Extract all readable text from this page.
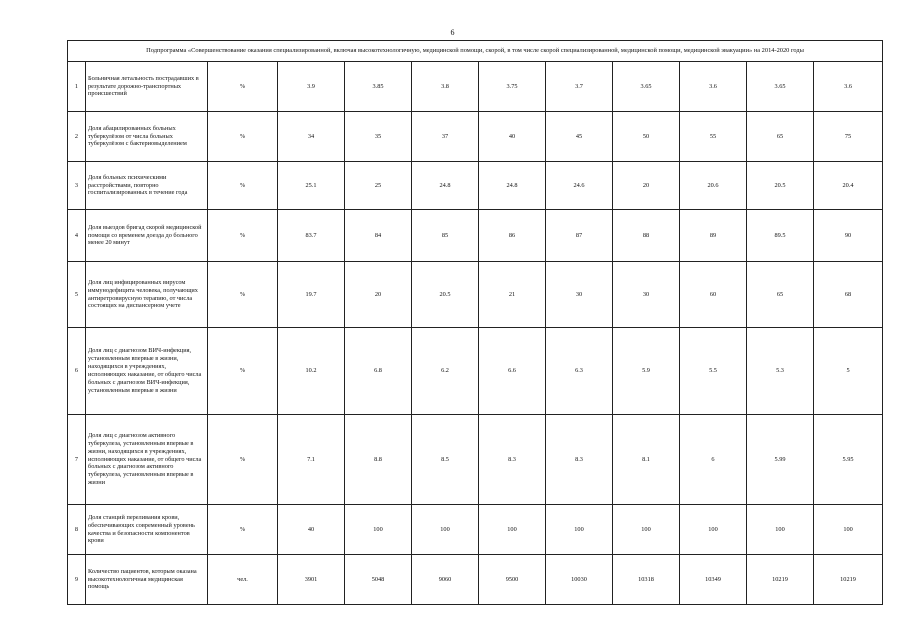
6
Подпрограмма «Совершенствование оказания специализированной, включая высокотехнологичную, медицинской помощи, скорой, в том числе скорой специализированной, медицинской помощи, медицинской эвакуации» на 2014-2020 годы											
1	Больничная летальность пострадавших в результате дорожно-транспортных происшествий	%	3.9	3.85	3.8	3.75	3.7	3.65	3.6	3.65	3.6
2	Доля абацилированных больных туберкулёзом от числа больных туберкулёзом с бактериовыделением	%	34	35	37	40	45	50	55	65	75
3	Доля больных психическими расстройствами, повторно госпитализированных в течение года	%	25.1	25	24.8	24.8	24.6	20	20.6	20.5	20.4
4	Доля выездов бригад скорой медицинской помощи со временем доезда до больного менее 20 минут	%	83.7	84	85	86	87	88	89	89.5	90
5	Доля лиц инфицированных вирусом иммунодефицита человека, получающих антиретровирусную терапию, от числа состоящих на диспансерном учете	%	19.7	20	20.5	21	30	30	60	65	68
6	Доля лиц с диагнозом ВИЧ-инфекция, установленным впервые в жизни, находящихся в учреждениях, исполняющих наказание, от общего числа больных с диагнозом ВИЧ-инфекция, установленным впервые в жизни	%	10.2	6.8	6.2	6.6	6.3	5.9	5.5	5.3	5
7	Доля лиц с диагнозом активного туберкулеза, установленным впервые в жизни, находящихся в учреждениях, исполняющих наказание, от общего числа больных с диагнозом активного туберкулеза, установленным впервые в жизни	%	7.1	8.8	8.5	8.3	8.3	8.1	6	5.99	5.95
8	Доля станций переливания крови, обеспечивающих современный уровень качества и безопасности компонентов крови	%	40	100	100	100	100	100	100	100	100
9	Количество пациентов, которым оказана высокотехнологичная медицинская помощь	чел.	3901	5048	9060	9500	10030	10318	10349	10219	10219
